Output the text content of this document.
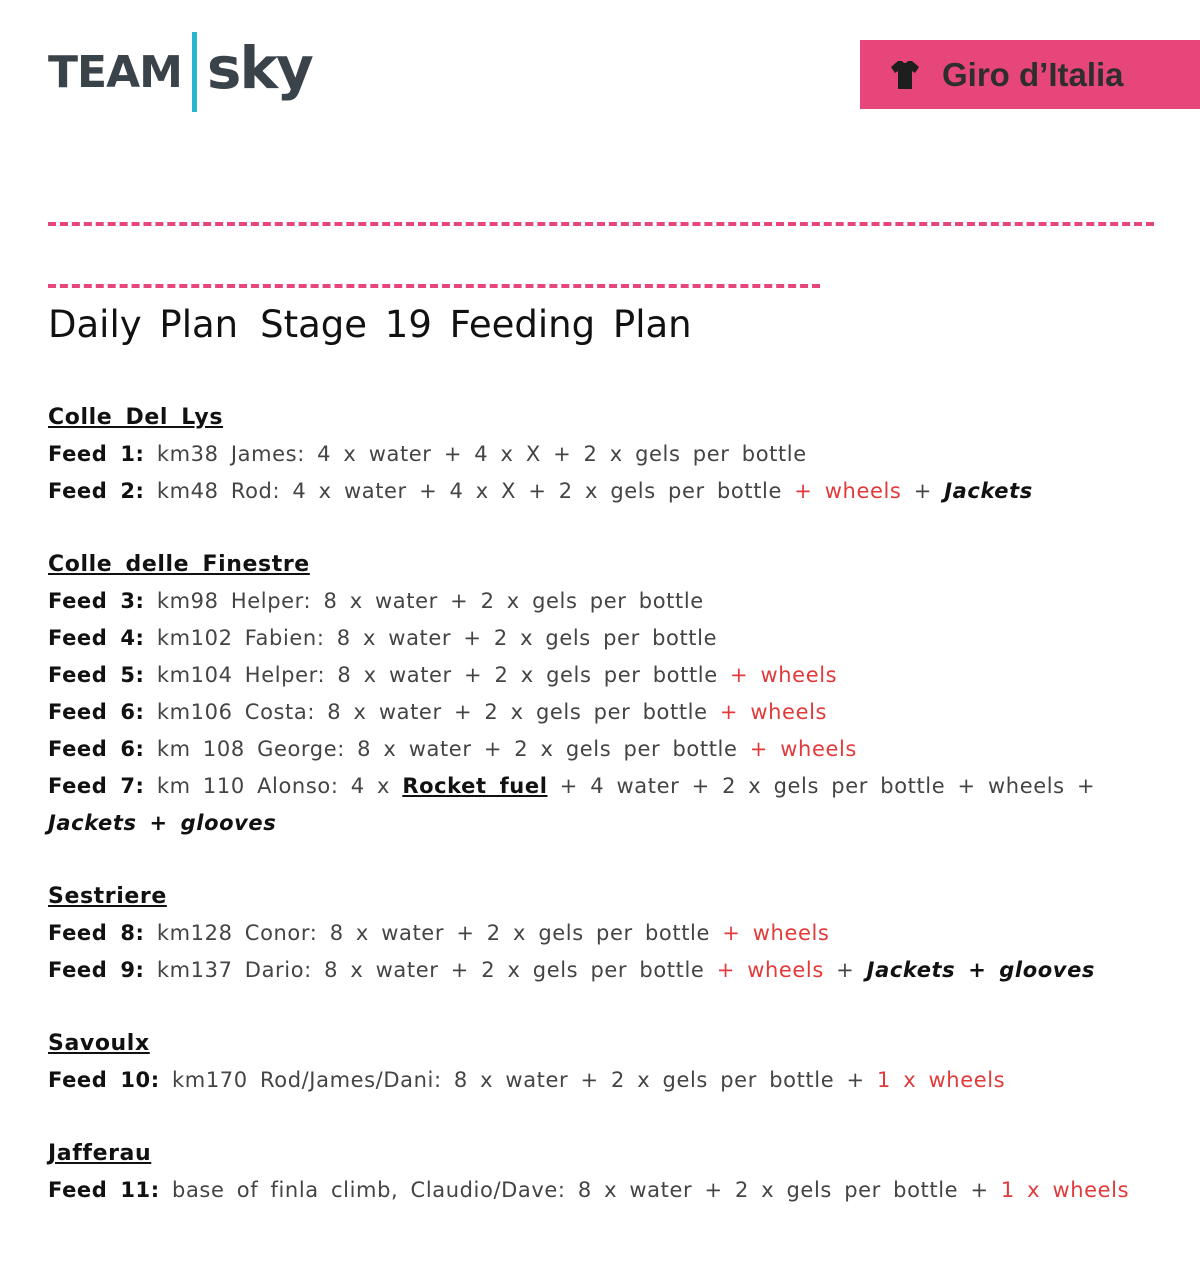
TEAM sky	Giro d’Italia
Daily Plan Stage 19 Feeding Plan
Colle Del Lys
Feed 1: km38 James: 4 x water + 4 x X + 2 x gels per bottle
Feed 2: km48 Rod: 4 x water + 4 x X + 2 x gels per bottle + wheels + Jackets
Colle delle Finestre
Feed 3: km98 Helper: 8 x water + 2 x gels per bottle
Feed 4: km102 Fabien: 8 x water + 2 x gels per bottle
Feed 5: km104 Helper: 8 x water + 2 x gels per bottle + wheels
Feed 6: km106 Costa: 8 x water + 2 x gels per bottle + wheels
Feed 6: km 108 George: 8 x water + 2 x gels per bottle + wheels
Feed 7: km 110 Alonso: 4 x Rocket fuel + 4 water + 2 x gels per bottle + wheels + Jackets + glooves
Sestriere
Feed 8: km128 Conor: 8 x water + 2 x gels per bottle + wheels
Feed 9: km137 Dario: 8 x water + 2 x gels per bottle + wheels + Jackets + glooves
Savoulx
Feed 10: km170 Rod/James/Dani: 8 x water + 2 x gels per bottle + 1 x wheels
Jafferau
Feed 11: base of finla climb, Claudio/Dave: 8 x water + 2 x gels per bottle + 1 x wheels
